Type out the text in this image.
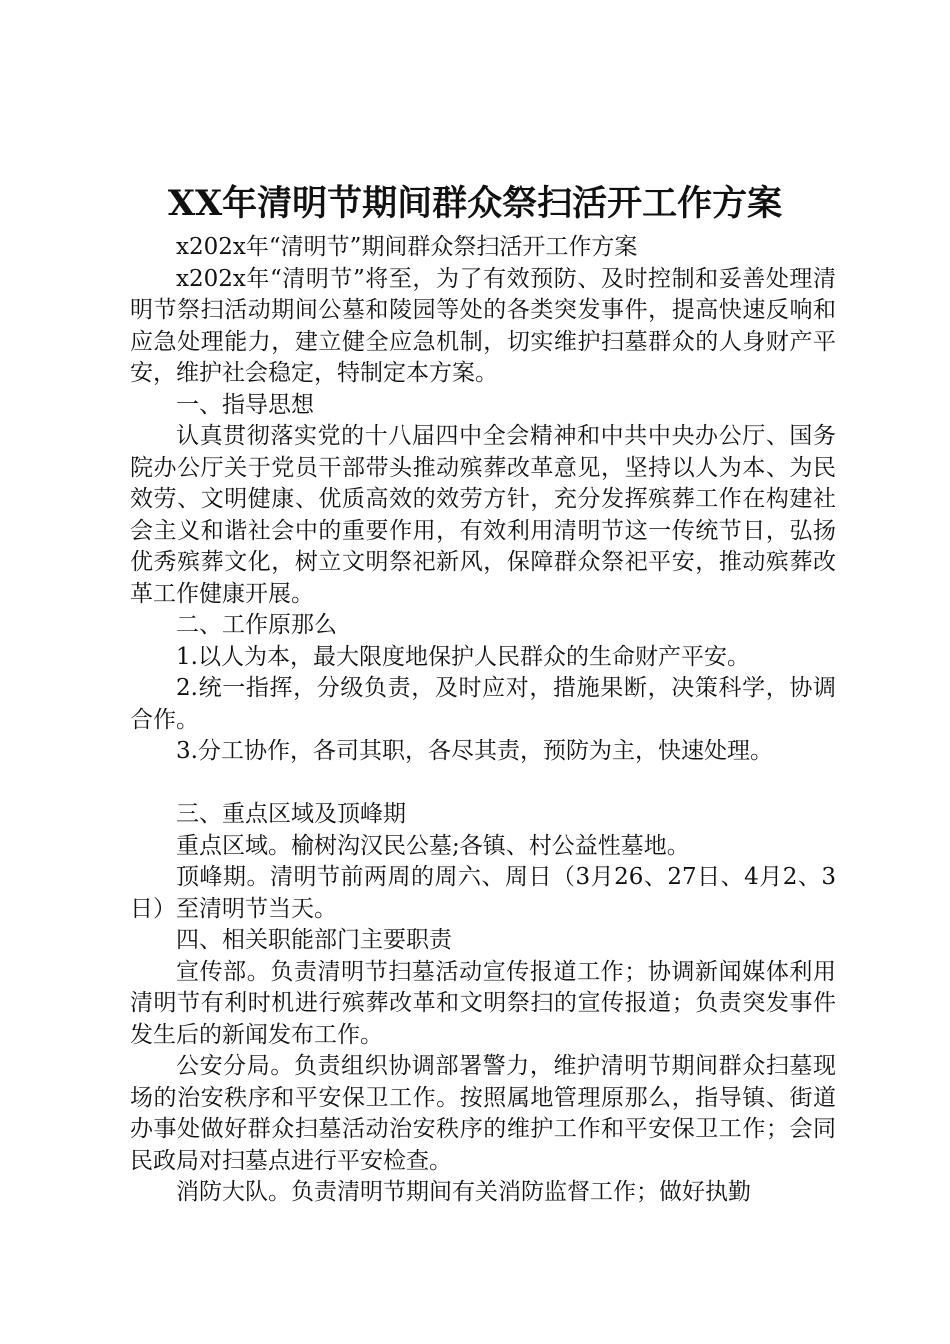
XX年清明节期间群众祭扫活开工作方案

x202x年“清明节”期间群众祭扫活开工作方案

x202x年“清明节”将至，为了有效预防、及时控制和妥善处理清明节祭扫活动期间公墓和陵园等处的各类突发事件，提高快速反响和应急处理能力，建立健全应急机制，切实维护扫墓群众的人身财产平安，维护社会稳定，特制定本方案。

一、指导思想

认真贯彻落实党的十八届四中全会精神和中共中央办公厅、国务院办公厅关于党员干部带头推动殡葬改革意见，坚持以人为本、为民效劳、文明健康、优质高效的效劳方针，充分发挥殡葬工作在构建社会主义和谐社会中的重要作用，有效利用清明节这一传统节日，弘扬优秀殡葬文化，树立文明祭祀新风，保障群众祭祀平安，推动殡葬改革工作健康开展。

二、工作原那么

1.以人为本，最大限度地保护人民群众的生命财产平安。

2.统一指挥，分级负责，及时应对，措施果断，决策科学，协调合作。

3.分工协作，各司其职，各尽其责，预防为主，快速处理。

三、重点区域及顶峰期

重点区域。榆树沟汉民公墓;各镇、村公益性墓地。

顶峰期。清明节前两周的周六、周日（3月26、27日、4月2、3日）至清明节当天。

四、相关职能部门主要职责

宣传部。负责清明节扫墓活动宣传报道工作；协调新闻媒体利用清明节有利时机进行殡葬改革和文明祭扫的宣传报道；负责突发事件发生后的新闻发布工作。

公安分局。负责组织协调部署警力，维护清明节期间群众扫墓现场的治安秩序和平安保卫工作。按照属地管理原那么，指导镇、街道办事处做好群众扫墓活动治安秩序的维护工作和平安保卫工作；会同民政局对扫墓点进行平安检查。

消防大队。负责清明节期间有关消防监督工作；做好执勤
